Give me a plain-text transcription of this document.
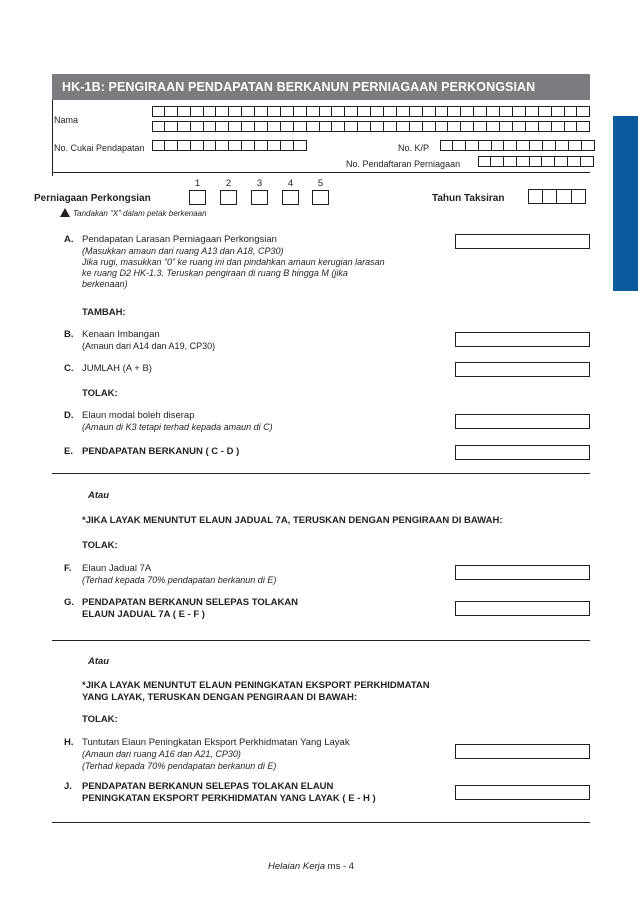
HK-1B: PENGIRAAN PENDAPATAN BERKANUN PERNIAGAAN PERKONGSIAN
Nama
No. Cukai Pendapatan	No. K/P
No. Pendaftaran Perniagaan
1	2	3	4	5
Perniagaan Perkongsian	Tahun Taksiran
Tandakan “X” dalam petak berkenaan
A. Pendapatan Larasan Perniagaan Perkongsian
(Masukkan amaun dari ruang A13 dan A18, CP30)
Jika rugi, masukkan “0” ke ruang ini dan pindahkan amaun kerugian larasan
ke ruang D2 HK-1.3. Teruskan pengiraan di ruang B hingga M (jika
berkenaan)
TAMBAH:
B. Kenaan Imbangan
(Amaun dari A14 dan A19, CP30)
C. JUMLAH (A + B)
TOLAK:
D. Elaun modal boleh diserap
(Amaun di K3 tetapi terhad kepada amaun di C)
E. PENDAPATAN BERKANUN ( C - D )
Atau
*JIKA LAYAK MENUNTUT ELAUN JADUAL 7A, TERUSKAN DENGAN PENGIRAAN DI BAWAH:
TOLAK:
F. Elaun Jadual 7A
(Terhad kepada 70% pendapatan berkanun di E)
G. PENDAPATAN BERKANUN SELEPAS TOLAKAN
ELAUN JADUAL 7A ( E - F )
Atau
*JIKA LAYAK MENUNTUT ELAUN PENINGKATAN EKSPORT PERKHIDMATAN
YANG LAYAK, TERUSKAN DENGAN PENGIRAAN DI BAWAH:
TOLAK:
H. Tuntutan Elaun Peningkatan Eksport Perkhidmatan Yang Layak
(Amaun dari ruang A16 dan A21, CP30)
(Terhad kepada 70% pendapatan berkanun di E)
J. PENDAPATAN BERKANUN SELEPAS TOLAKAN ELAUN
PENINGKATAN EKSPORT PERKHIDMATAN YANG LAYAK ( E - H )
Helaian Kerja ms - 4
